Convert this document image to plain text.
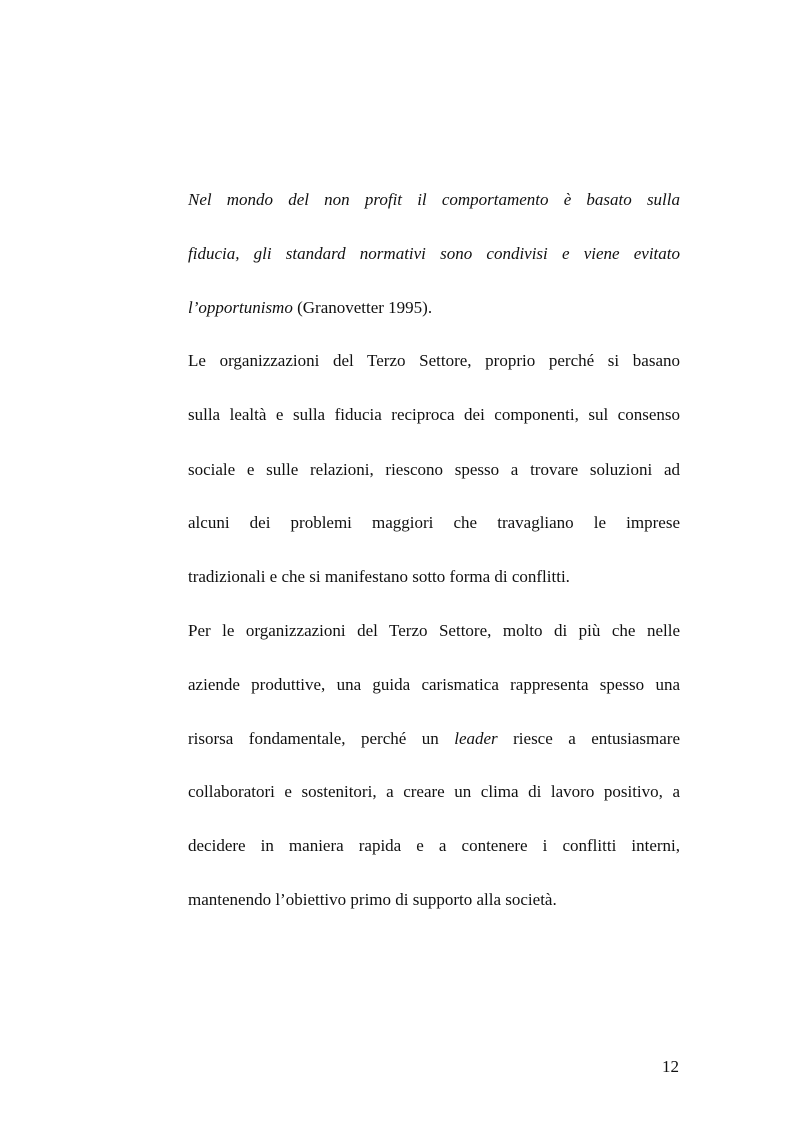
Nel mondo del non profit il comportamento è basato sulla
fiducia, gli standard normativi sono condivisi e viene evitato
l’opportunismo (Granovetter 1995).
Le organizzazioni del Terzo Settore, proprio perché si basano
sulla lealtà e sulla fiducia reciproca dei componenti, sul consenso
sociale e sulle relazioni, riescono spesso a trovare soluzioni ad
alcuni dei problemi maggiori che travagliano le imprese
tradizionali e che si manifestano sotto forma di conflitti.
Per le organizzazioni del Terzo Settore, molto di più che nelle
aziende produttive, una guida carismatica rappresenta spesso una
risorsa fondamentale, perché un leader riesce a entusiasmare
collaboratori e sostenitori, a creare un clima di lavoro positivo, a
decidere in maniera rapida e a contenere i conflitti interni,
mantenendo l’obiettivo primo di supporto alla società.
12
